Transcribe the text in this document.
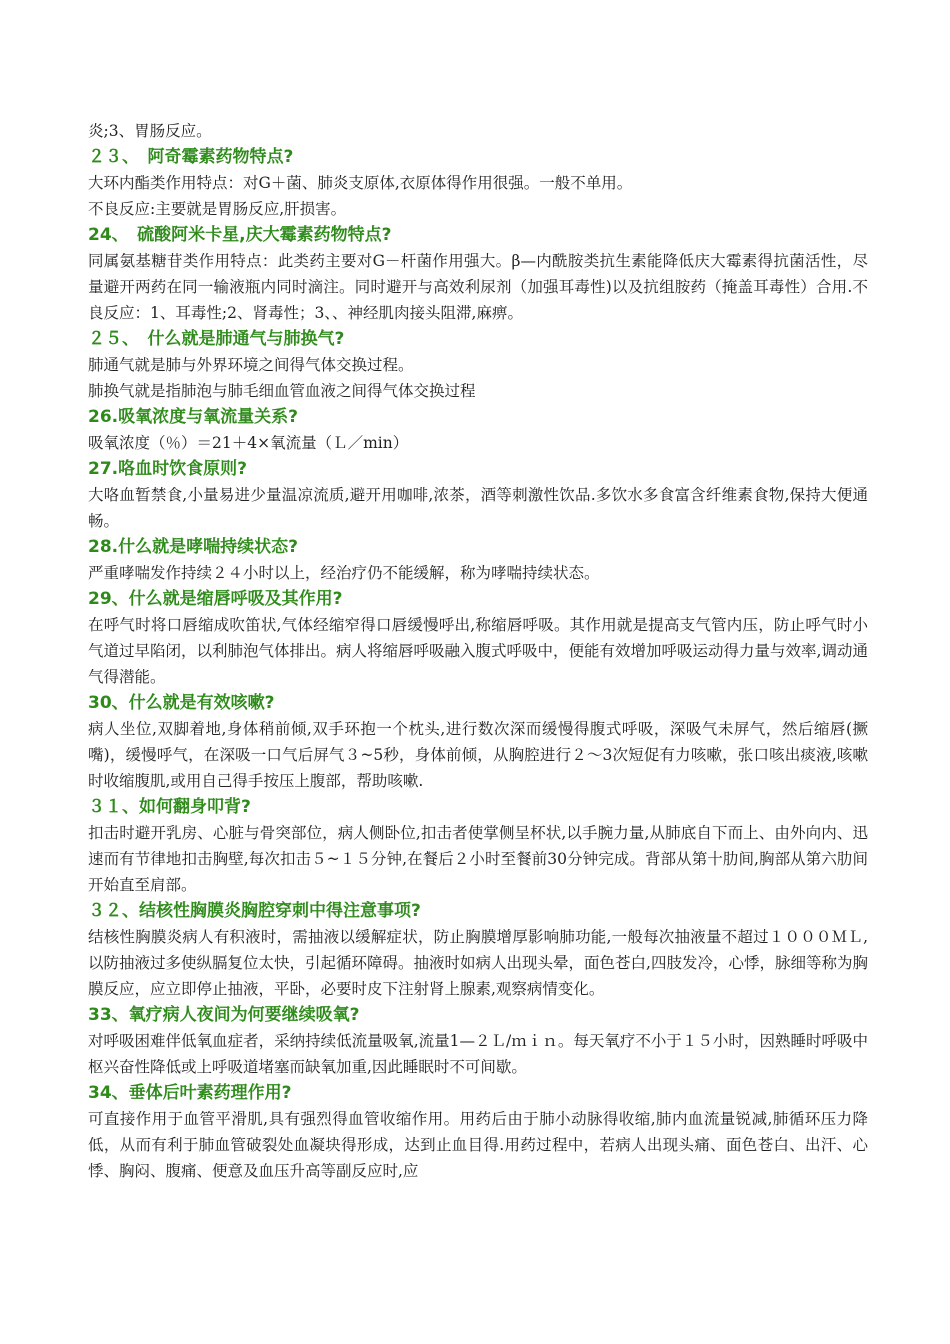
炎;3、胃肠反应。

２３、　阿奇霉素药物特点?

大环内酯类作用特点：对G＋菌、肺炎支原体,衣原体得作用很强。一般不单用。

不良反应:主要就是胃肠反应,肝损害。

24、　硫酸阿米卡星,庆大霉素药物特点?

同属氨基糖苷类作用特点：此类药主要对G－杆菌作用强大。β—内酰胺类抗生素能降低庆大霉素得抗菌活性，尽量避开两药在同一输液瓶内同时滴注。同时避开与高效利尿剂（加强耳毒性)以及抗组胺药（掩盖耳毒性）合用.不良反应：1、耳毒性;2、肾毒性；3、、神经肌肉接头阻滞,麻痹。

２５、　什么就是肺通气与肺换气?

肺通气就是肺与外界环境之间得气体交换过程。

肺换气就是指肺泡与肺毛细血管血液之间得气体交换过程

26.吸氧浓度与氧流量关系?

吸氧浓度（％）＝21＋4×氧流量（Ｌ／min）

27.咯血时饮食原则?

大咯血暂禁食,小量易进少量温凉流质,避开用咖啡,浓茶，酒等刺激性饮品.多饮水多食富含纤维素食物,保持大便通畅。

28.什么就是哮喘持续状态?

严重哮喘发作持续２４小时以上，经治疗仍不能缓解，称为哮喘持续状态。

29、什么就是缩唇呼吸及其作用?

在呼气时将口唇缩成吹笛状,气体经缩窄得口唇缓慢呼出,称缩唇呼吸。其作用就是提高支气管内压，防止呼气时小气道过早陷闭，以利肺泡气体排出。病人将缩唇呼吸融入腹式呼吸中，便能有效增加呼吸运动得力量与效率,调动通气得潜能。

30、什么就是有效咳嗽?

病人坐位,双脚着地,身体稍前倾,双手环抱一个枕头,进行数次深而缓慢得腹式呼吸，深吸气未屏气，然后缩唇(撅嘴)，缓慢呼气，在深吸一口气后屏气３~5秒，身体前倾，从胸腔进行２～3次短促有力咳嗽，张口咳出痰液,咳嗽时收缩腹肌,或用自己得手按压上腹部，帮助咳嗽.

３１、如何翻身叩背?

扣击时避开乳房、心脏与骨突部位，病人侧卧位,扣击者使掌侧呈杯状,以手腕力量,从肺底自下而上、由外向内、迅速而有节律地扣击胸壁,每次扣击５~１５分钟,在餐后２小时至餐前30分钟完成。背部从第十肋间,胸部从第六肋间开始直至肩部。

３２、结核性胸膜炎胸腔穿刺中得注意事项?

结核性胸膜炎病人有积液时，需抽液以缓解症状，防止胸膜增厚影响肺功能,一般每次抽液量不超过１０００ＭＬ,以防抽液过多使纵膈复位太快，引起循环障碍。抽液时如病人出现头晕，面色苍白,四肢发冷，心悸，脉细等称为胸膜反应，应立即停止抽液，平卧，必要时皮下注射肾上腺素,观察病情变化。

33、氧疗病人夜间为何要继续吸氧?

对呼吸困难伴低氧血症者，采纳持续低流量吸氧,流量1—２Ｌ/ｍｉｎ。每天氧疗不小于１５小时，因熟睡时呼吸中枢兴奋性降低或上呼吸道堵塞而缺氧加重,因此睡眠时不可间歇。

34、垂体后叶素药理作用?

可直接作用于血管平滑肌,具有强烈得血管收缩作用。用药后由于肺小动脉得收缩,肺内血流量锐减,肺循环压力降低，从而有利于肺血管破裂处血凝块得形成，达到止血目得.用药过程中，若病人出现头痛、面色苍白、出汗、心悸、胸闷、腹痛、便意及血压升高等副反应时,应
